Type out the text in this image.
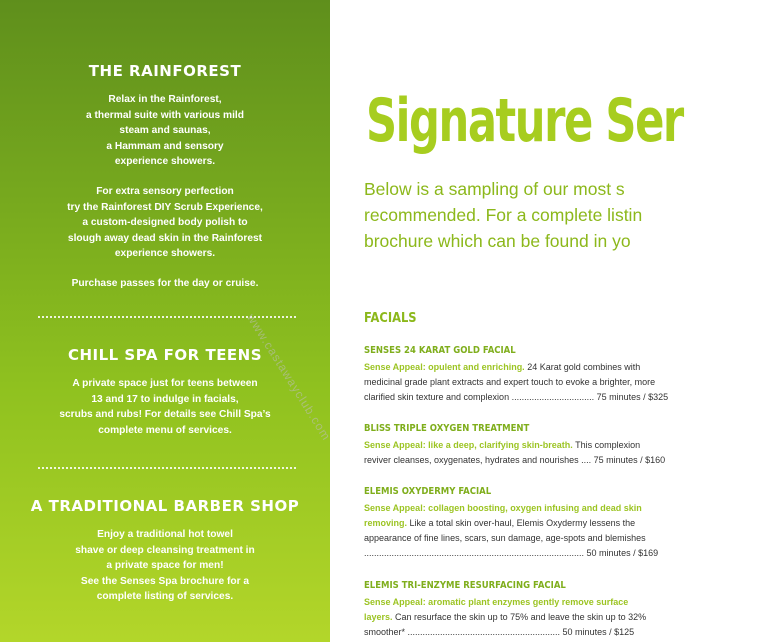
THE RAINFOREST

Relax in the Rainforest,
a thermal suite with various mild
steam and saunas,
a Hammam and sensory
experience showers.

For extra sensory perfection
try the Rainforest DIY Scrub Experience,
a custom-designed body polish to
slough away dead skin in the Rainforest
experience showers.

Purchase passes for the day or cruise.

CHILL SPA FOR TEENS

A private space just for teens between
13 and 17 to indulge in facials,
scrubs and rubs! For details see Chill Spa’s
complete menu of services.

A TRADITIONAL BARBER SHOP

Enjoy a traditional hot towel
shave or deep cleansing treatment in
a private space for men!
See the Senses Spa brochure for a
complete listing of services.

Signature Ser
Below is a sampling of our most s
recommended. For a complete listin
brochure which can be found in yo
FACIALS
SENSES 24 KARAT GOLD FACIAL
Sense Appeal: opulent and enriching. 24 Karat gold combines with
medicinal grade plant extracts and expert touch to evoke a brighter, more
clarified skin texture and complexion ................................. 75 minutes / $325
BLISS TRIPLE OXYGEN TREATMENT
Sense Appeal: like a deep, clarifying skin-breath. This complexion
reviver cleanses, oxygenates, hydrates and nourishes .... 75 minutes / $160
ELEMIS OXYDERMY FACIAL
Sense Appeal: collagen boosting, oxygen infusing and dead skin
removing. Like a total skin over-haul, Elemis Oxydermy lessens the
appearance of fine lines, scars, sun damage, age-spots and blemishes
........................................................................................ 50 minutes / $169
ELEMIS TRI-ENZYME RESURFACING FACIAL
Sense Appeal: aromatic plant enzymes gently remove surface
layers. Can resurface the skin up to 75% and leave the skin up to 32%
smoother* ............................................................. 50 minutes / $125
www.castawayclub.com
